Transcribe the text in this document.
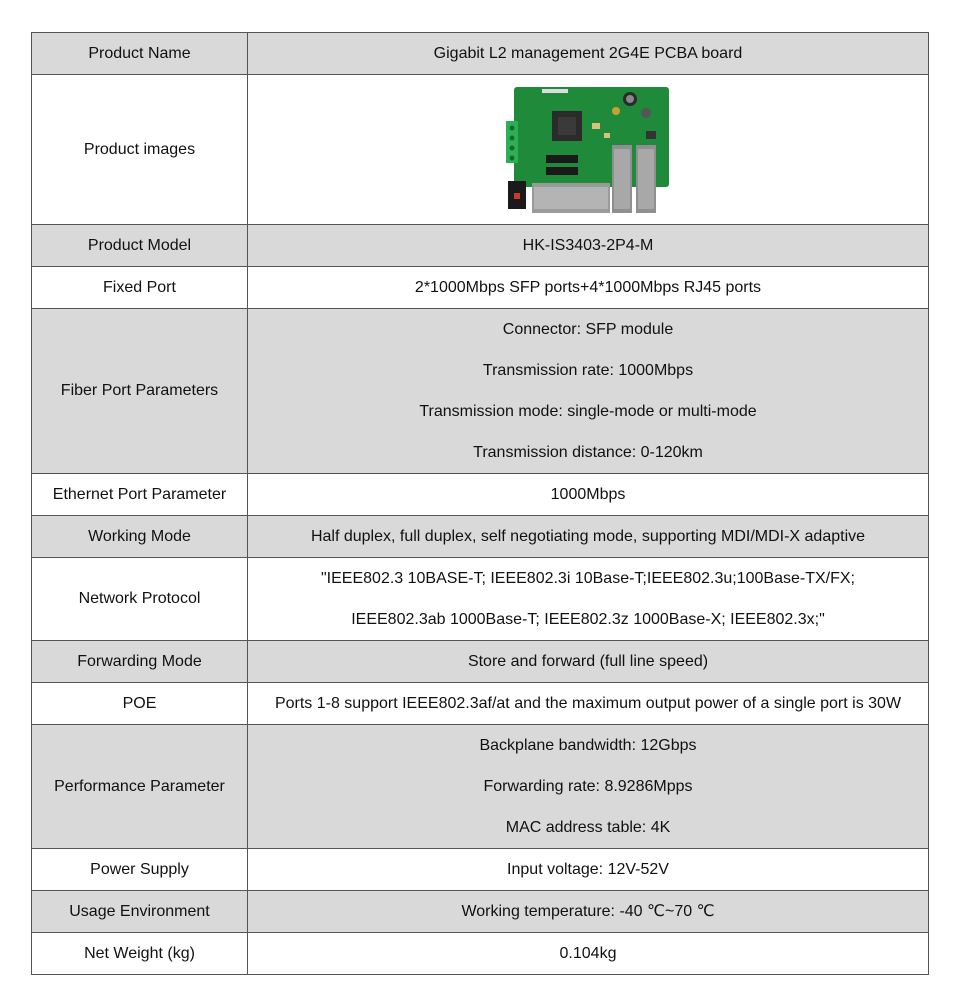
Product Name	Gigabit L2 management 2G4E PCBA board

Product images	

Product Model	HK-IS3403-2P4-M

Fixed Port	2*1000Mbps SFP ports+4*1000Mbps RJ45 ports

Fiber Port Parameters	Connector: SFP module
Transmission rate: 1000Mbps
Transmission mode: single-mode or multi-mode
Transmission distance: 0-120km

Ethernet Port Parameter	1000Mbps

Working Mode	Half duplex, full duplex, self negotiating mode, supporting MDI/MDI-X adaptive

Network Protocol	"IEEE802.3 10BASE-T; IEEE802.3i 10Base-T;IEEE802.3u;100Base-TX/FX;
IEEE802.3ab 1000Base-T; IEEE802.3z 1000Base-X; IEEE802.3x;"

Forwarding Mode	Store and forward (full line speed)

POE	Ports 1-8 support IEEE802.3af/at and the maximum output power of a single port is 30W

Performance Parameter	Backplane bandwidth: 12Gbps
Forwarding rate: 8.9286Mpps
MAC address table: 4K

Power Supply	Input voltage: 12V-52V

Usage Environment	Working temperature: -40 ℃~70 ℃

Net Weight (kg)	0.104kg
